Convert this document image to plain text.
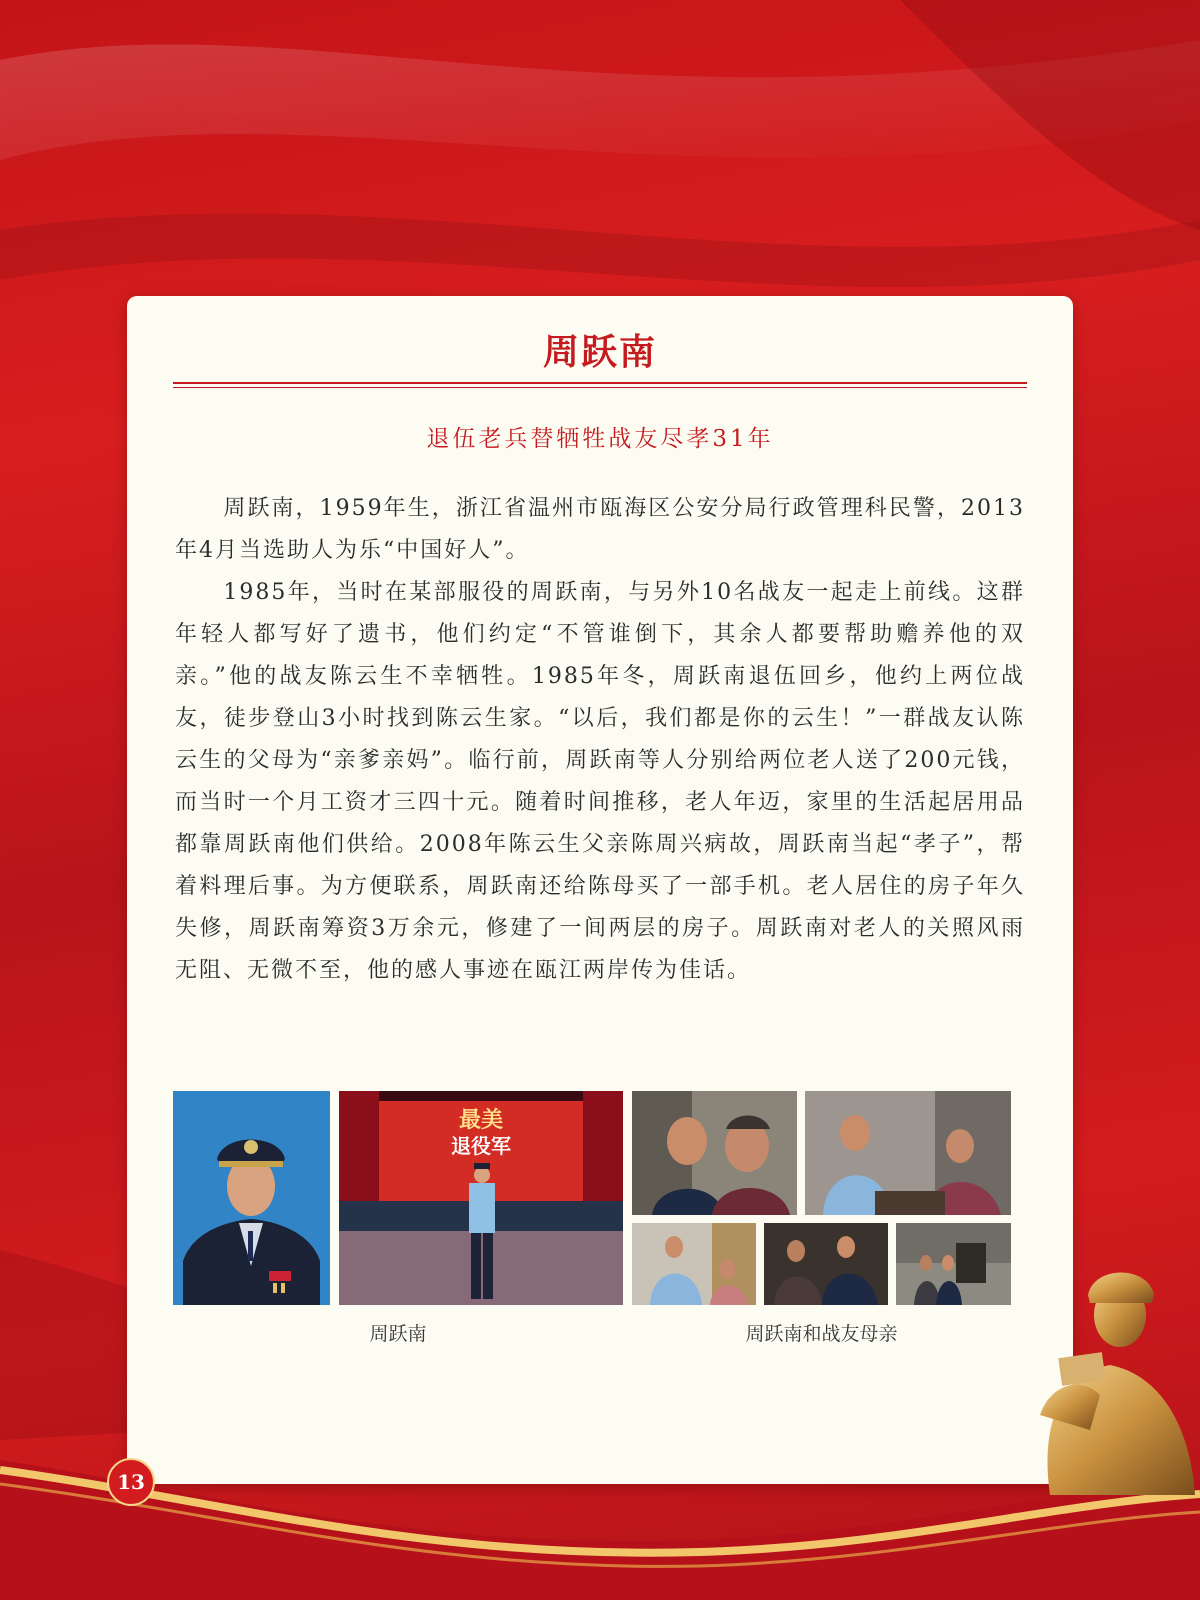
周跃南
退伍老兵替牺牲战友尽孝31年

周跃南，1959年生，浙江省温州市瓯海区公安分局行政管理科民警，2013年4月当选助人为乐“中国好人”。

1985年，当时在某部服役的周跃南，与另外10名战友一起走上前线。这群年轻人都写好了遗书，他们约定“不管谁倒下，其余人都要帮助赡养他的双亲。”他的战友陈云生不幸牺牲。1985年冬，周跃南退伍回乡，他约上两位战友，徒步登山3小时找到陈云生家。“以后，我们都是你的云生！”一群战友认陈云生的父母为“亲爹亲妈”。临行前，周跃南等人分别给两位老人送了200元钱，而当时一个月工资才三四十元。随着时间推移，老人年迈，家里的生活起居用品都靠周跃南他们供给。2008年陈云生父亲陈周兴病故，周跃南当起“孝子”，帮着料理后事。为方便联系，周跃南还给陈母买了一部手机。老人居住的房子年久失修，周跃南筹资3万余元，修建了一间两层的房子。周跃南对老人的关照风雨无阻、无微不至，他的感人事迹在瓯江两岸传为佳话。

最美
退役军
周跃南	周跃南和战友母亲
13
